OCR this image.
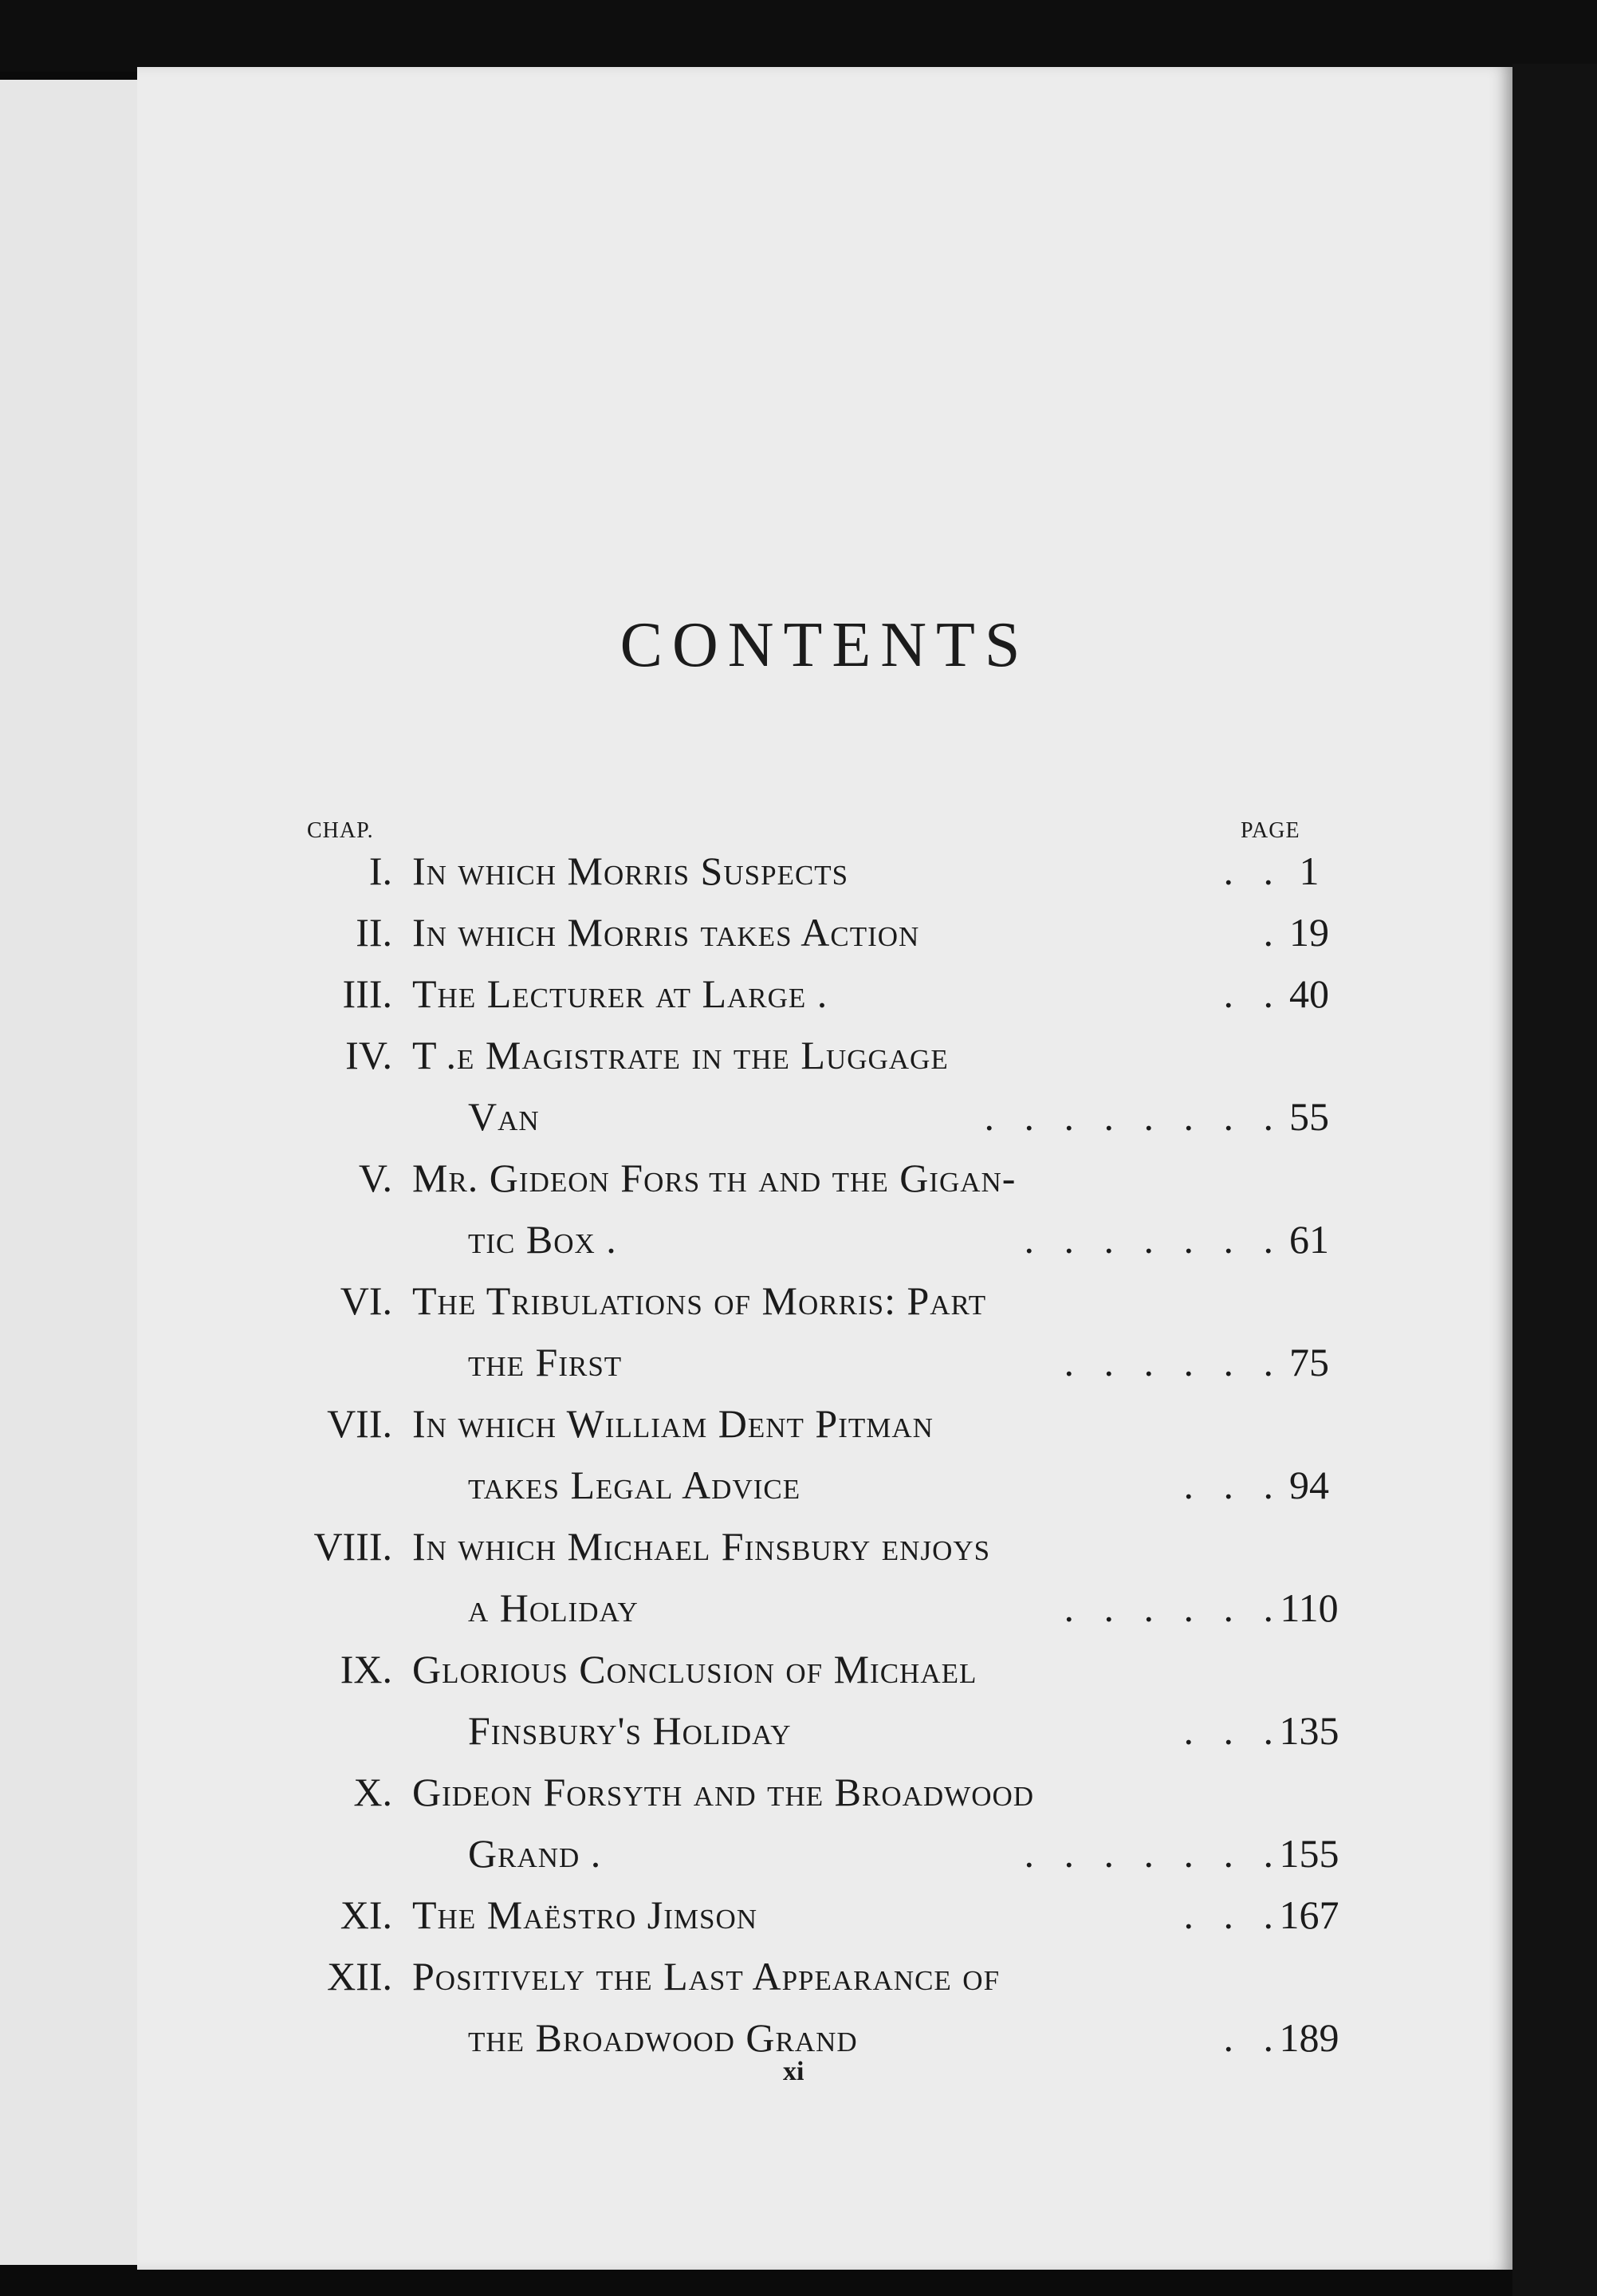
CONTENTS
CHAP.	PAGE
I. In which Morris Suspects	.   . 1
II. In which Morris takes Action	. 19
III. The Lecturer at Large .	.   . 40
IV. T .e Magistrate in the Luggage
Van	.   .   .   .   .   .   .   . 55
V. Mr. Gideon Fors th and the Gigan-
tic Box .	.   .   .   .   .   .   . 61
VI. The Tribulations of Morris: Part
the First	.   .   .   .   .   . 75
VII. In which William Dent Pitman
takes Legal Advice	.   .   . 94
VIII. In which Michael Finsbury enjoys
a Holiday	.   .   .   .   .   . 110
IX. Glorious Conclusion of Michael
Finsbury's Holiday	.   .   . 135
X. Gideon Forsyth and the Broadwood
Grand .	.   .   .   .   .   .   . 155
XI. The Maëstro Jimson	.   .   . 167
XII. Positively the Last Appearance of
the Broadwood Grand	.   . 189
xi
